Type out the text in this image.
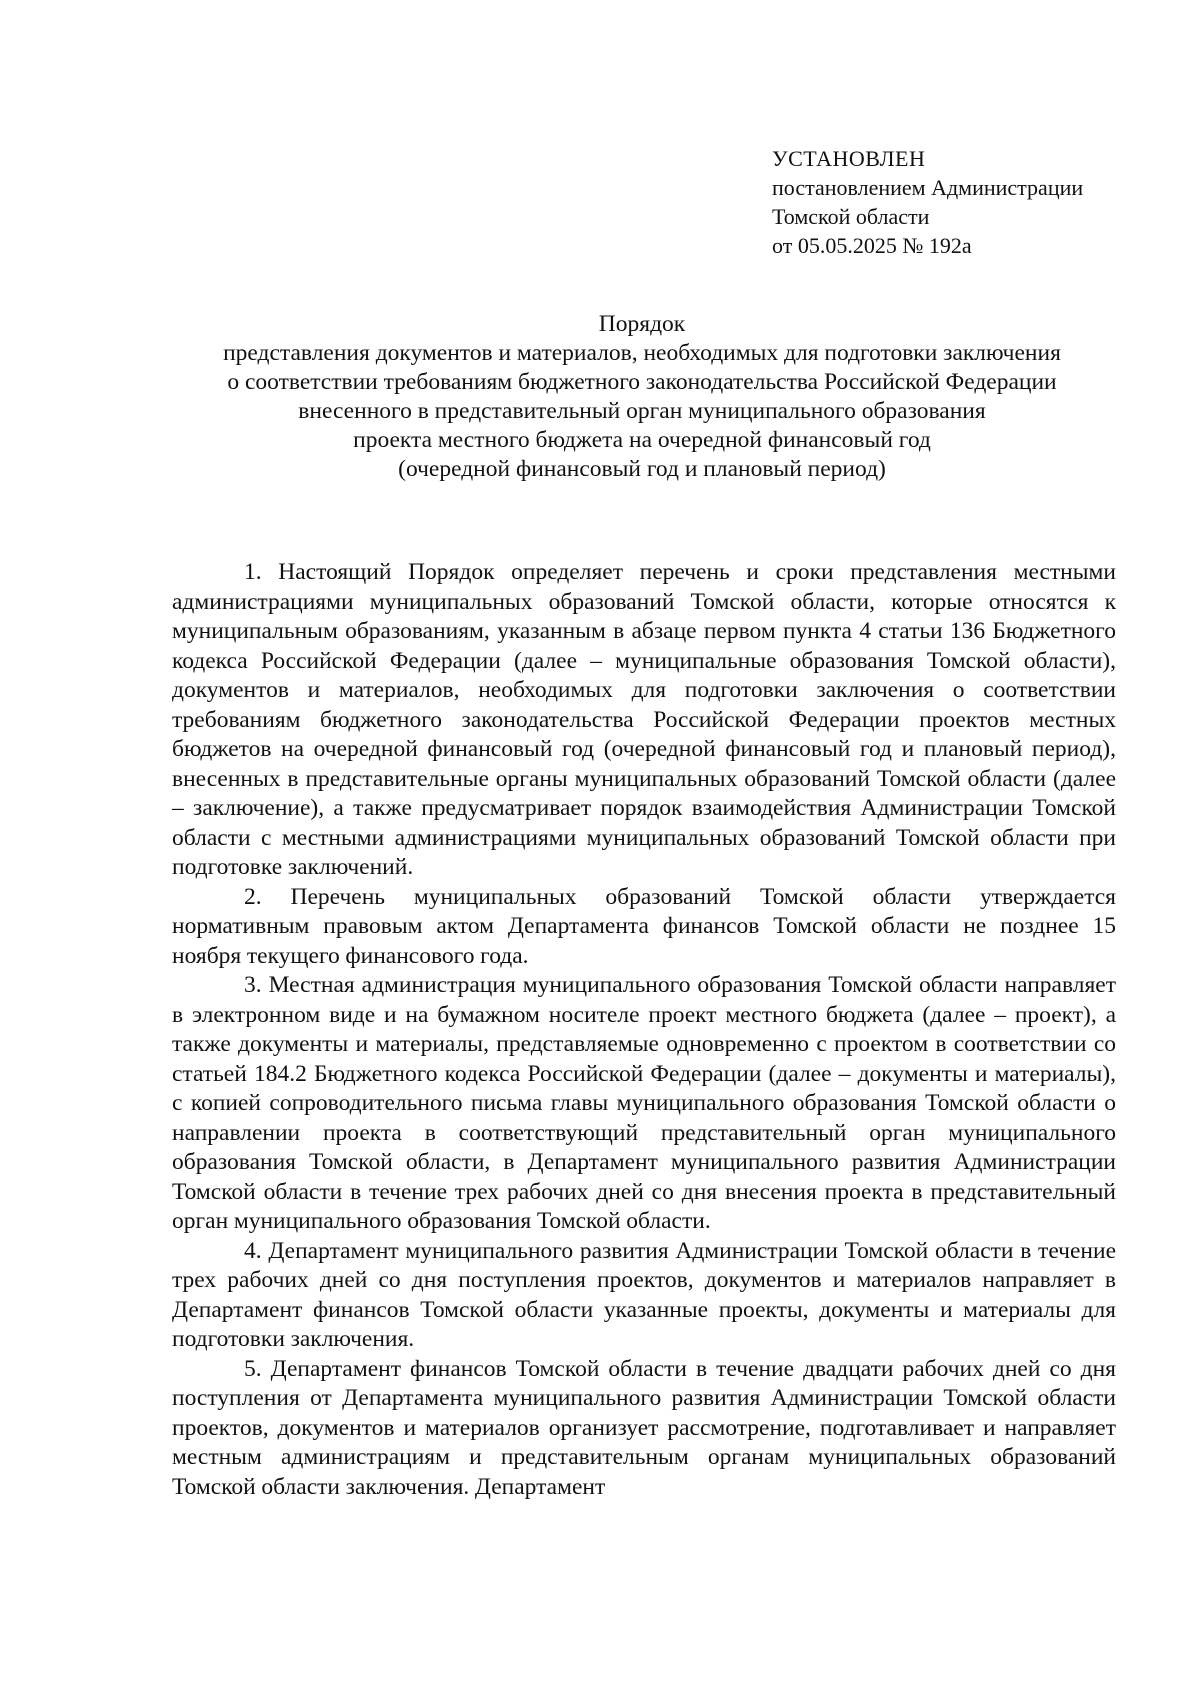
УСТАНОВЛЕН
постановлением Администрации
Томской области
от 05.05.2025 № 192а
Порядок
представления документов и материалов, необходимых для подготовки заключения
о соответствии требованиям бюджетного законодательства Российской Федерации
внесенного в представительный орган муниципального образования
проекта местного бюджета на очередной финансовый год
(очередной финансовый год и плановый период)

1. Настоящий Порядок определяет перечень и сроки представления местными администрациями муниципальных образований Томской области, которые относятся к муниципальным образованиям, указанным в абзаце первом пункта 4 статьи 136 Бюджетного кодекса Российской Федерации (далее – муниципальные образования Томской области), документов и материалов, необходимых для подготовки заключения о соответствии требованиям бюджетного законодательства Российской Федерации проектов местных бюджетов на очередной финансовый год (очередной финансовый год и плановый период), внесенных в представительные органы муниципальных образований Томской области (далее – заключение), а также предусматривает порядок взаимодействия Администрации Томской области с местными администрациями муниципальных образований Томской области при подготовке заключений.

2. Перечень муниципальных образований Томской области утверждается нормативным правовым актом Департамента финансов Томской области не позднее 15 ноября текущего финансового года.

3. Местная администрация муниципального образования Томской области направляет в электронном виде и на бумажном носителе проект местного бюджета (далее – проект), а также документы и материалы, представляемые одновременно с проектом в соответствии со статьей 184.2 Бюджетного кодекса Российской Федерации (далее – документы и материалы), с копией сопроводительного письма главы муниципального образования Томской области о направлении проекта в соответствующий представительный орган муниципального образования Томской области, в Департамент муниципального развития Администрации Томской области в течение трех рабочих дней со дня внесения проекта в представительный орган муниципального образования Томской области.

4. Департамент муниципального развития Администрации Томской области в течение трех рабочих дней со дня поступления проектов, документов и материалов направляет в Департамент финансов Томской области указанные проекты, документы и материалы для подготовки заключения.

5. Департамент финансов Томской области в течение двадцати рабочих дней со дня поступления от Департамента муниципального развития Администрации Томской области проектов, документов и материалов организует рассмотрение, подготавливает и направляет местным администрациям и представительным органам муниципальных образований Томской области заключения. Департамент
